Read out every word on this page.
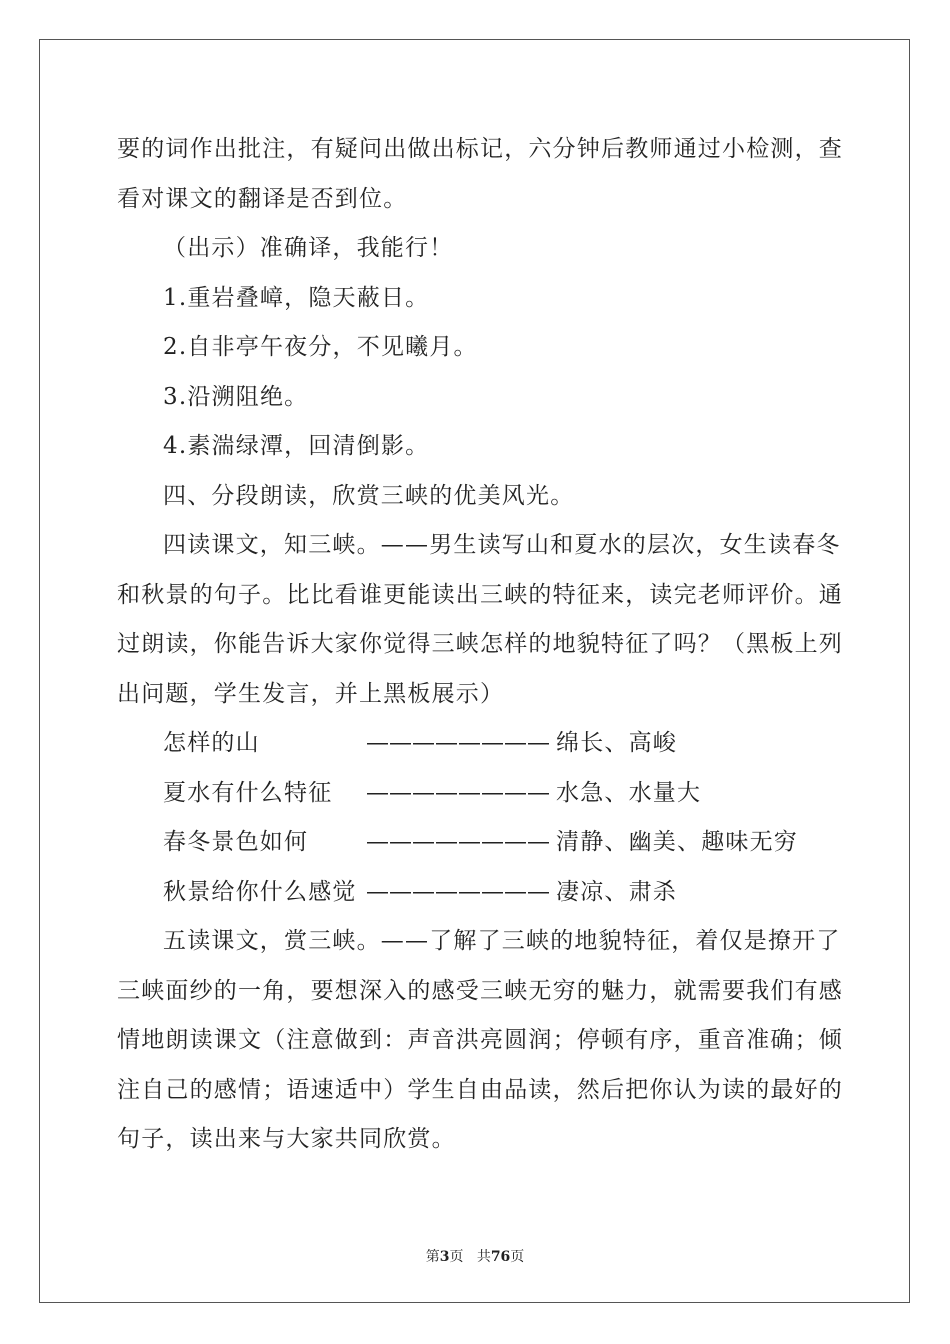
要的词作出批注，有疑问出做出标记，六分钟后教师通过小检测，查
看对课文的翻译是否到位。
（出示）准确译，我能行！
1.重岩叠嶂，隐天蔽日。
2.自非亭午夜分，不见曦月。
3.沿溯阻绝。
4.素湍绿潭，回清倒影。
四、分段朗读，欣赏三峡的优美风光。
四读课文，知三峡。——男生读写山和夏水的层次，女生读春冬
和秋景的句子。比比看谁更能读出三峡的特征来，读完老师评价。通
过朗读，你能告诉大家你觉得三峡怎样的地貌特征了吗？（黑板上列
出问题，学生发言，并上黑板展示）
怎样的山	———————— 绵长、高峻
夏水有什么特征	———————— 水急、水量大
春冬景色如何	———————— 清静、幽美、趣味无穷
秋景给你什么感觉 ———————— 凄凉、肃杀
五读课文，赏三峡。——了解了三峡的地貌特征，着仅是撩开了
三峡面纱的一角，要想深入的感受三峡无穷的魅力，就需要我们有感
情地朗读课文（注意做到：声音洪亮圆润；停顿有序，重音准确；倾
注自己的感情；语速适中）学生自由品读，然后把你认为读的最好的
句子，读出来与大家共同欣赏。
第3页 共76页
